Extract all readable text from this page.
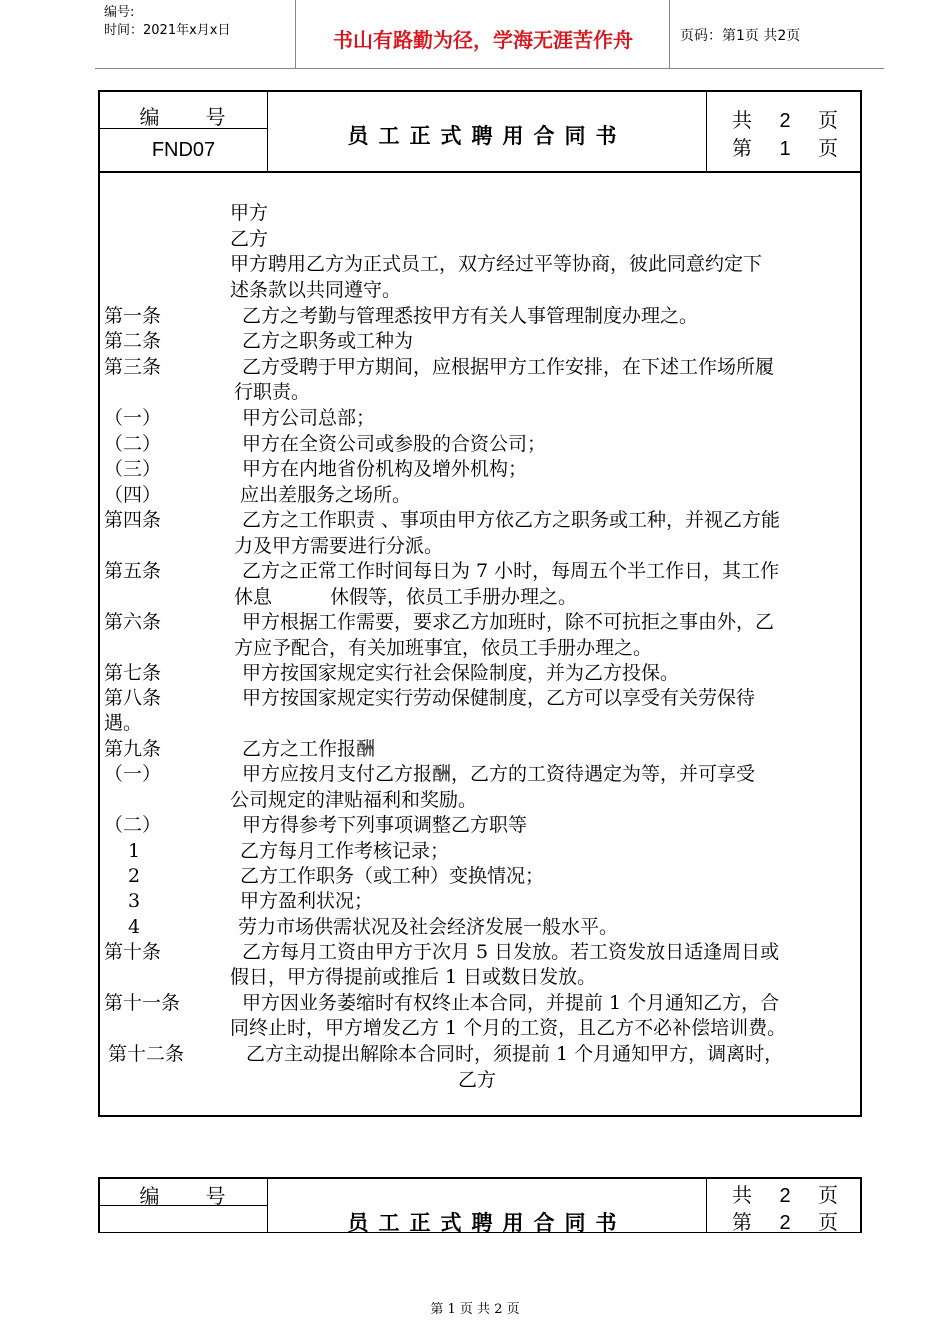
编号:
时间：2021年x月x日	书山有路勤为径，学海无涯苦作舟	页码：第1页 共2页
编　　号
FND07
员工正式聘用合同书
共 2 页
第 1 页
甲方
乙方
甲方聘用乙方为正式员工，双方经过平等协商，彼此同意约定下
述条款以共同遵守。
第一条	乙方之考勤与管理悉按甲方有关人事管理制度办理之。
第二条	乙方之职务或工种为
第三条	乙方受聘于甲方期间，应根据甲方工作安排，在下述工作场所履
行职责。
（一）	甲方公司总部；
（二）	甲方在全资公司或参股的合资公司；
（三）	甲方在内地省份机构及增外机构；
（四）	应出差服务之场所。
第四条	乙方之工作职责 、事项由甲方依乙方之职务或工种，并视乙方能
力及甲方需要进行分派。
第五条	乙方之正常工作时间每日为 7 小时，每周五个半工作日，其工作
休息	休假等，依员工手册办理之。
第六条	甲方根据工作需要，要求乙方加班时，除不可抗拒之事由外，乙
方应予配合，有关加班事宜，依员工手册办理之。
第七条	甲方按国家规定实行社会保险制度，并为乙方投保。
第八条	甲方按国家规定实行劳动保健制度，乙方可以享受有关劳保待
遇。
第九条	乙方之工作报酬
（一）	甲方应按月支付乙方报酬，乙方的工资待遇定为等，并可享受
公司规定的津贴福利和奖励。
（二）	甲方得参考下列事项调整乙方职等
1	乙方每月工作考核记录；
2	乙方工作职务（或工种）变换情况；
3	甲方盈利状况；
4	劳力市场供需状况及社会经济发展一般水平。
第十条	乙方每月工资由甲方于次月 5 日发放。若工资发放日适逢周日或
假日，甲方得提前或推后 1 日或数日发放。
第十一条	甲方因业务萎缩时有权终止本合同，并提前 1 个月通知乙方，合
同终止时，甲方增发乙方 1 个月的工资，且乙方不必补偿培训费。
第十二条	乙方主动提出解除本合同时，须提前 1 个月通知甲方，调离时，
乙方
编　　号
员工正式聘用合同书
共 2 页
第 2 页
第 1 页 共 2 页
